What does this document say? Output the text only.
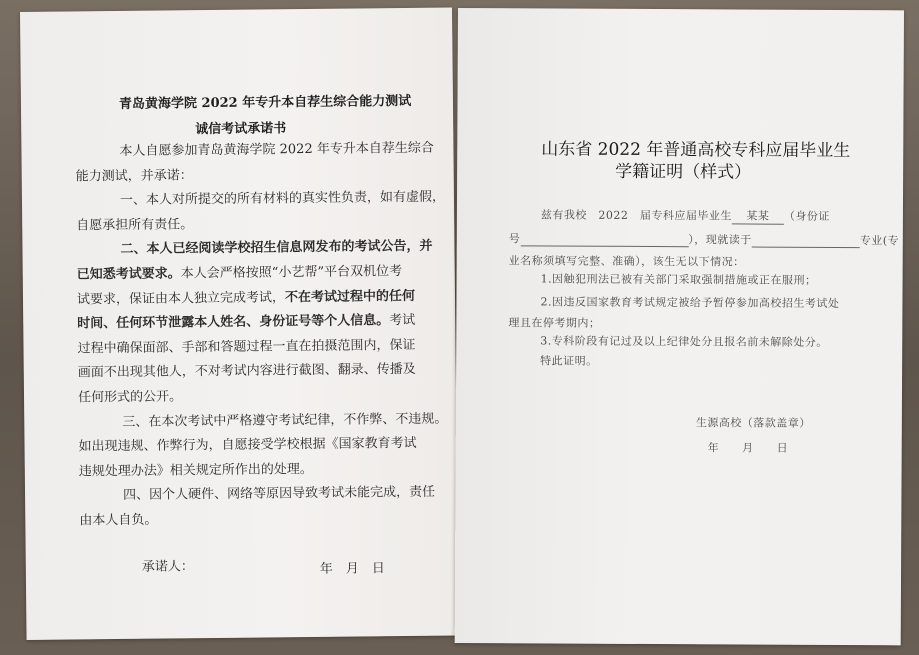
青岛黄海学院 2022 年专升本自荐生综合能力测试
诚信考试承诺书
本人自愿参加青岛黄海学院 2022 年专升本自荐生综合
能力测试，并承诺：
一、本人对所提交的所有材料的真实性负责，如有虚假，
自愿承担所有责任。
二、本人已经阅读学校招生信息网发布的考试公告，并
已知悉考试要求。本人会严格按照“小艺帮”平台双机位考
试要求，保证由本人独立完成考试，不在考试过程中的任何
时间、任何环节泄露本人姓名、身份证号等个人信息。考试
过程中确保面部、手部和答题过程一直在拍摄范围内，保证
画面不出现其他人，不对考试内容进行截图、翻录、传播及
任何形式的公开。
三、在本次考试中严格遵守考试纪律，不作弊、不违规。
如出现违规、作弊行为，自愿接受学校根据《国家教育考试
违规处理办法》相关规定所作出的处理。
四、因个人硬件、网络等原因导致考试未能完成，责任
由本人自负。
承诺人：	年　月　日
山东省 2022 年普通高校专科应届毕业生
学籍证明（样式）
兹有我校　2022　届专科应届毕业生 某某 （身份证
号	），现就读于	专业(专
业名称须填写完整、准确），该生无以下情况：
1.因触犯刑法已被有关部门采取强制措施或正在服刑；
2.因违反国家教育考试规定被给予暂停参加高校招生考试处
理且在停考期内；
3.专科阶段有记过及以上纪律处分且报名前未解除处分。
特此证明。
生源高校（落款盖章）
年　　月　　日
